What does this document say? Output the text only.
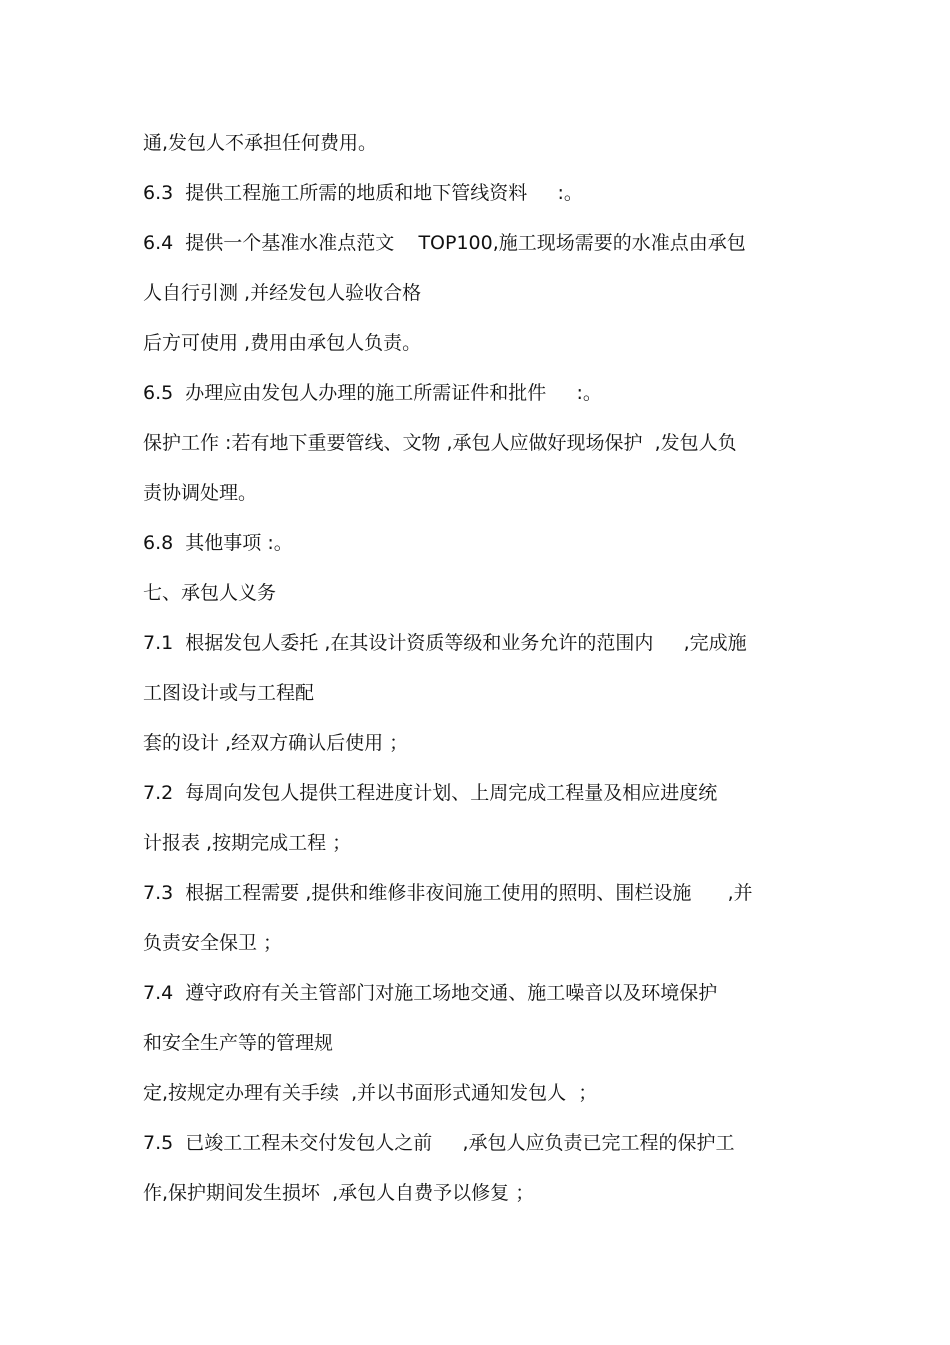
通,发包人不承担任何费用。

6.3  提供工程施工所需的地质和地下管线资料     :。

6.4  提供一个基准水准点范文    TOP100,施工现场需要的水准点由承包

人自行引测 ,并经发包人验收合格

后方可使用 ,费用由承包人负责。

6.5  办理应由发包人办理的施工所需证件和批件     :。

保护工作 :若有地下重要管线、文物 ,承包人应做好现场保护  ,发包人负

责协调处理。

6.8  其他事项 :。

七、承包人义务

7.1  根据发包人委托 ,在其设计资质等级和业务允许的范围内     ,完成施

工图设计或与工程配

套的设计 ,经双方确认后使用 ；

7.2  每周向发包人提供工程进度计划、上周完成工程量及相应进度统

计报表 ,按期完成工程 ；

7.3  根据工程需要 ,提供和维修非夜间施工使用的照明、围栏设施      ,并

负责安全保卫 ；

7.4  遵守政府有关主管部门对施工场地交通、施工噪音以及环境保护

和安全生产等的管理规

定,按规定办理有关手续  ,并以书面形式通知发包人  ；

7.5  已竣工工程未交付发包人之前     ,承包人应负责已完工程的保护工

作,保护期间发生损坏  ,承包人自费予以修复 ；
